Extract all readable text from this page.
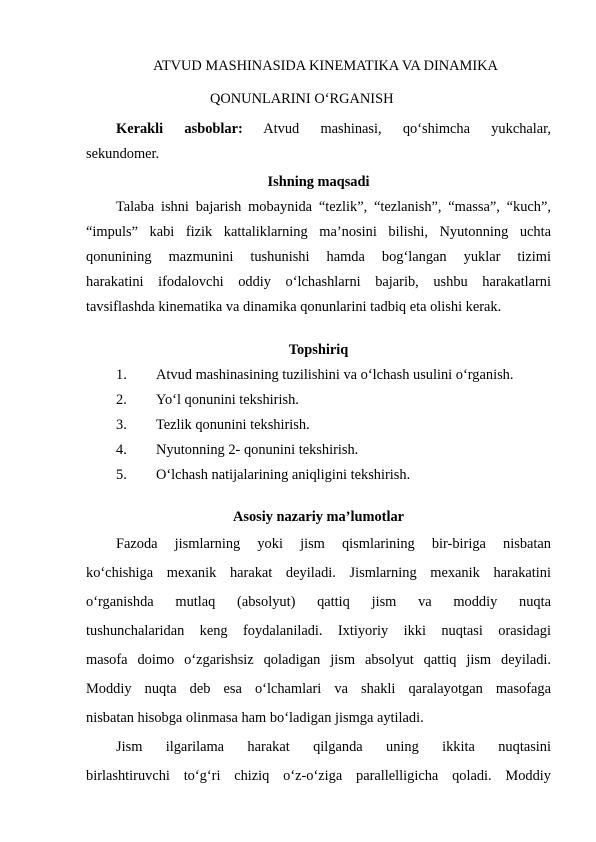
ATVUD MASHINASIDA KINEMATIKA VA DINAMIKA

QONUNLARINI O‘RGANISH

Kerakli asboblar: Atvud mashinasi, qo‘shimcha yukchalar,

sekundomer.

Ishning maqsadi

Talaba ishni bajarish mobaynida “tezlik”, “tezlanish”, “massa”, “kuch”,

“impuls” kabi fizik kattaliklarning ma’nosini bilishi, Nyutonning uchta

qonunining mazmunini tushunishi hamda bog‘langan yuklar tizimi

harakatini ifodalovchi oddiy o‘lchashlarni bajarib, ushbu harakatlarni

tavsiflashda kinematika va dinamika qonunlarini tadbiq eta olishi kerak.

Topshiriq

1.	Atvud mashinasining tuzilishini va o‘lchash usulini o‘rganish.
2.	Yo‘l qonunini tekshirish.
3.	Tezlik qonunini tekshirish.
4.	Nyutonning 2- qonunini tekshirish.
5.	O‘lchash natijalarining aniqligini tekshirish.

Asosiy nazariy ma’lumotlar

Fazoda jismlarning yoki jism qismlarining bir-biriga nisbatan

ko‘chishiga mexanik harakat deyiladi. Jismlarning mexanik harakatini

o‘rganishda mutlaq (absolyut) qattiq jism va moddiy nuqta

tushunchalaridan keng foydalaniladi. Ixtiyoriy ikki nuqtasi orasidagi

masofa doimo o‘zgarishsiz qoladigan jism absolyut qattiq jism deyiladi.

Moddiy nuqta deb esa o‘lchamlari va shakli qaralayotgan masofaga

nisbatan hisobga olinmasa ham bo‘ladigan jismga aytiladi.

Jism ilgarilama harakat qilganda uning ikkita nuqtasini

birlashtiruvchi to‘g‘ri chiziq o‘z-o‘ziga parallelligicha qoladi. Moddiy
